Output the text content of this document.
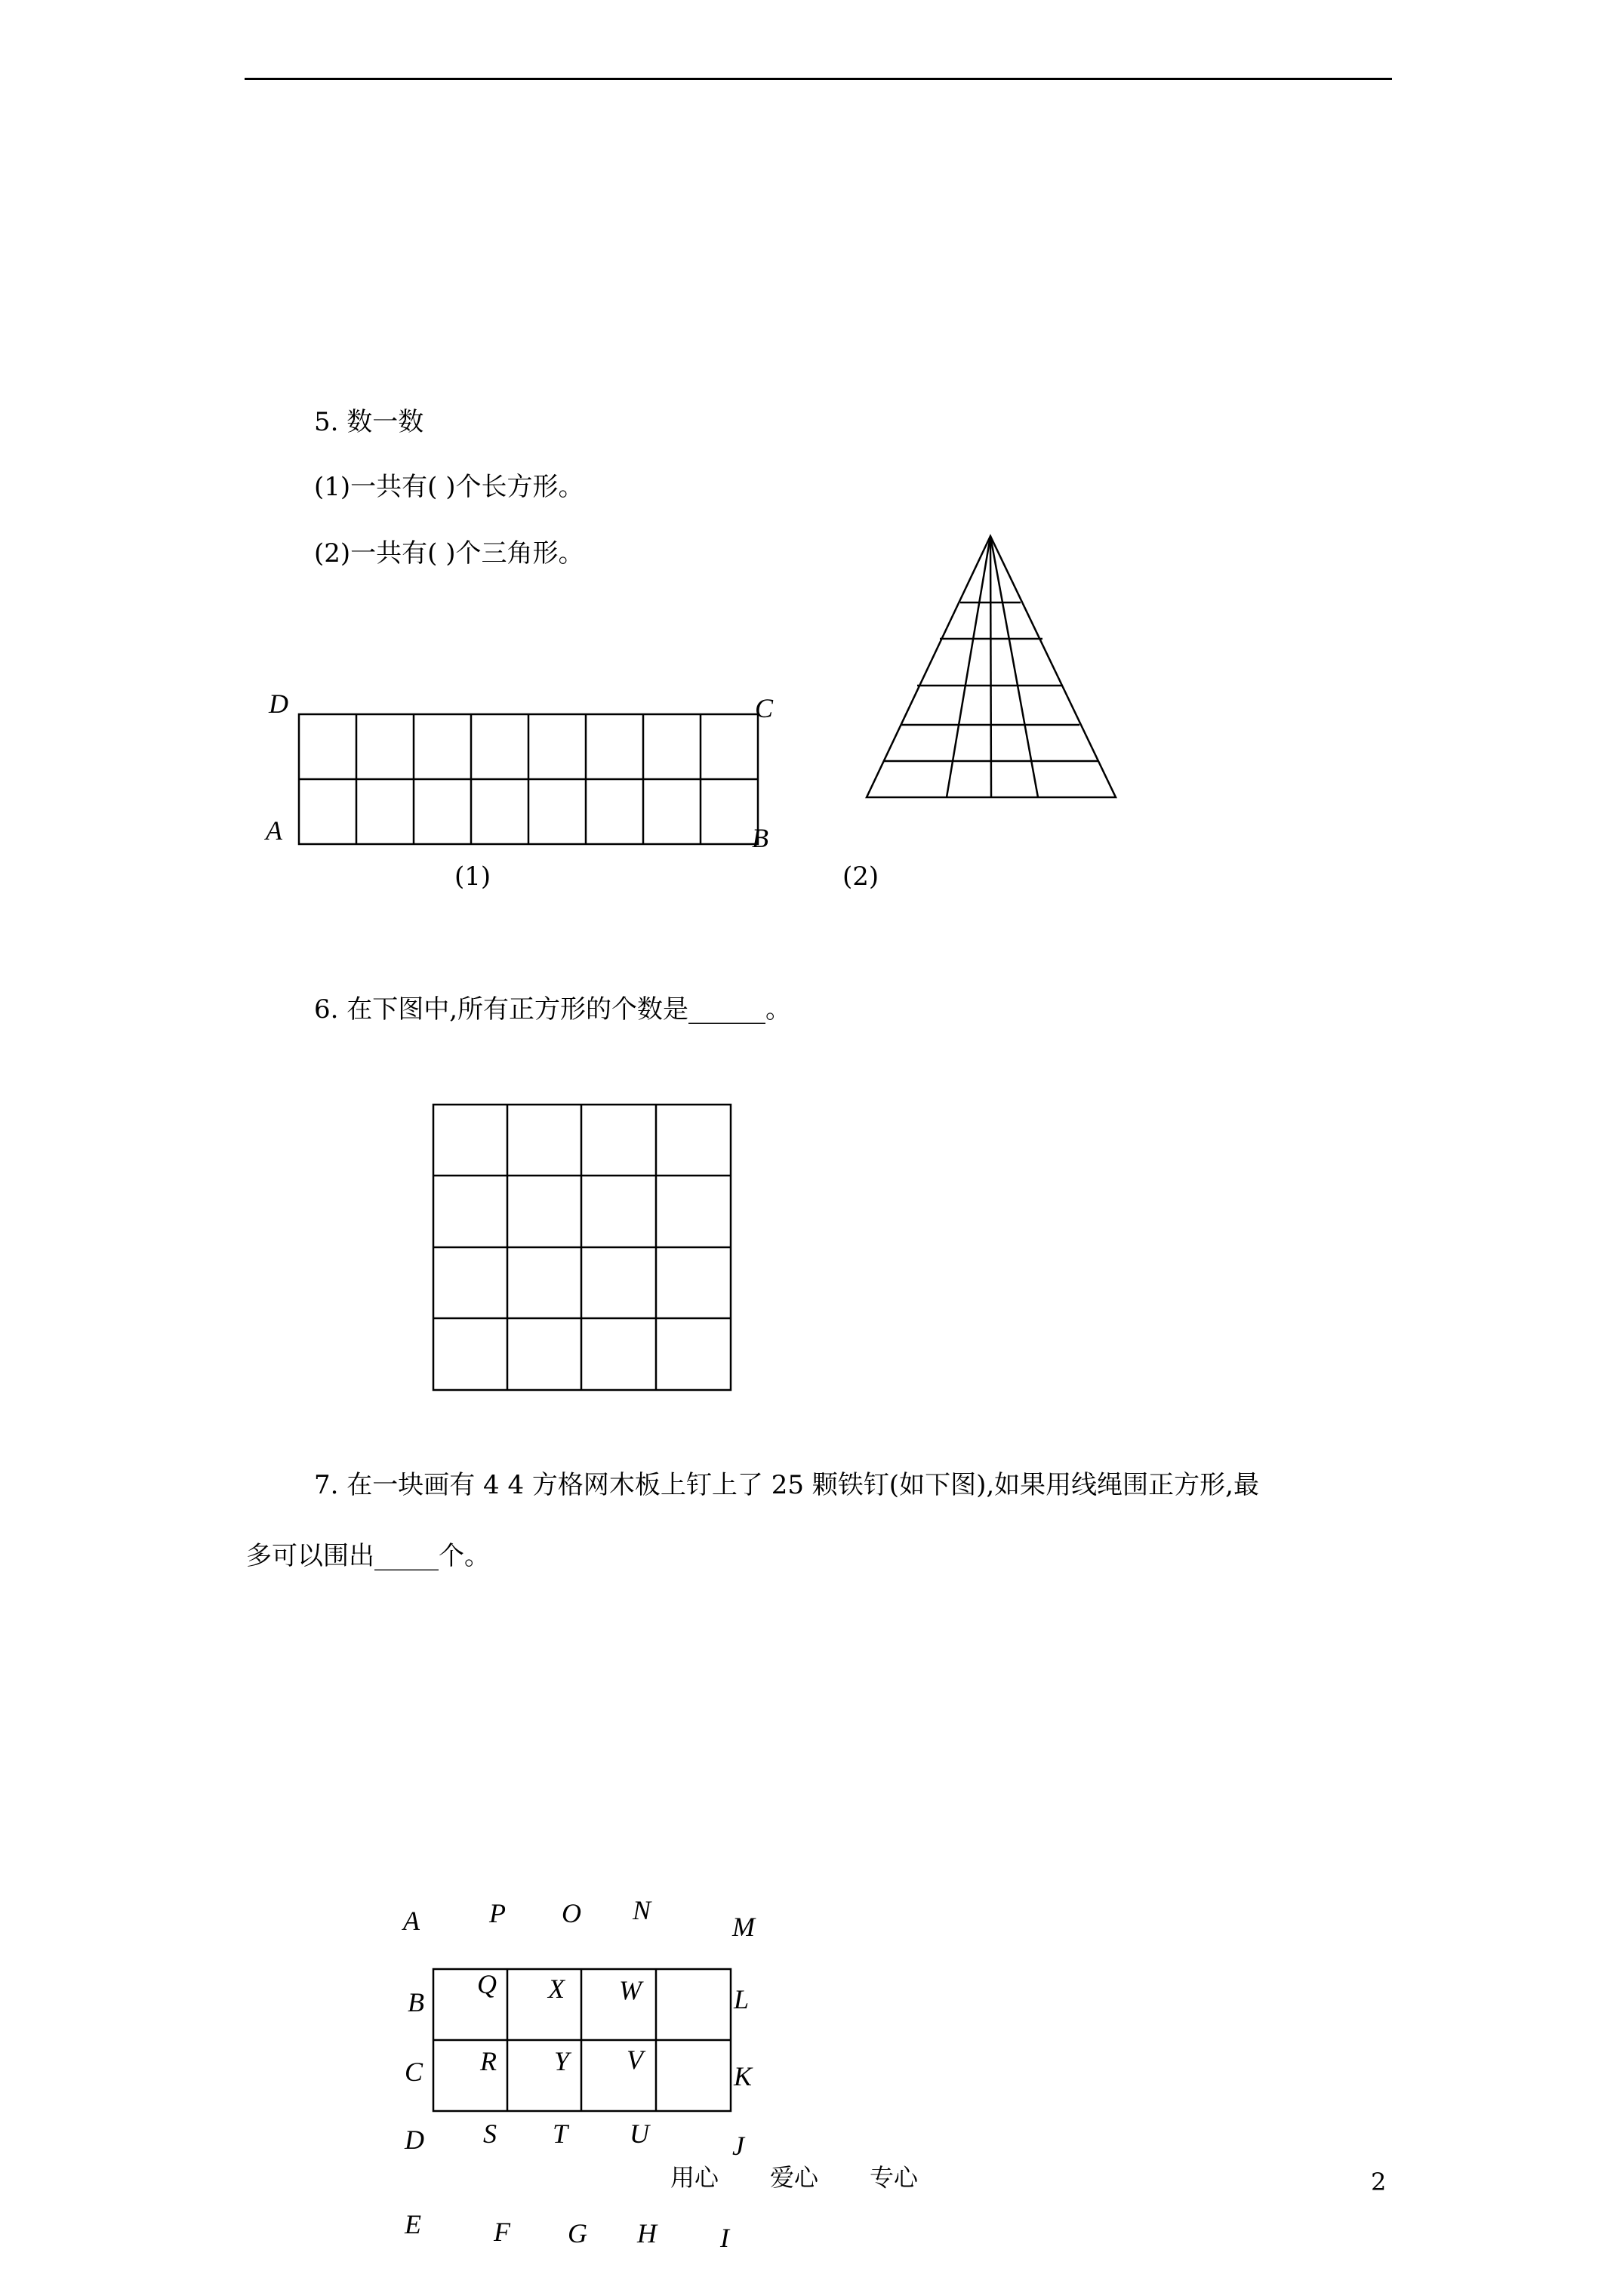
5. 数一数
(1)一共有( )个长方形。
(2)一共有( )个三角形。
D	C
A	B
(1)	(2)
6. 在下图中,所有正方形的个数是______。
7. 在一块画有 4 4 方格网木板上钉上了 25 颗铁钉(如下图),如果用线绳围正方形,最
多可以围出_____个。
A	P O N
M
B
Q X W	L
C R Y V
K
D S T U	J
E	F G H I
用心 爱心 专心	2
